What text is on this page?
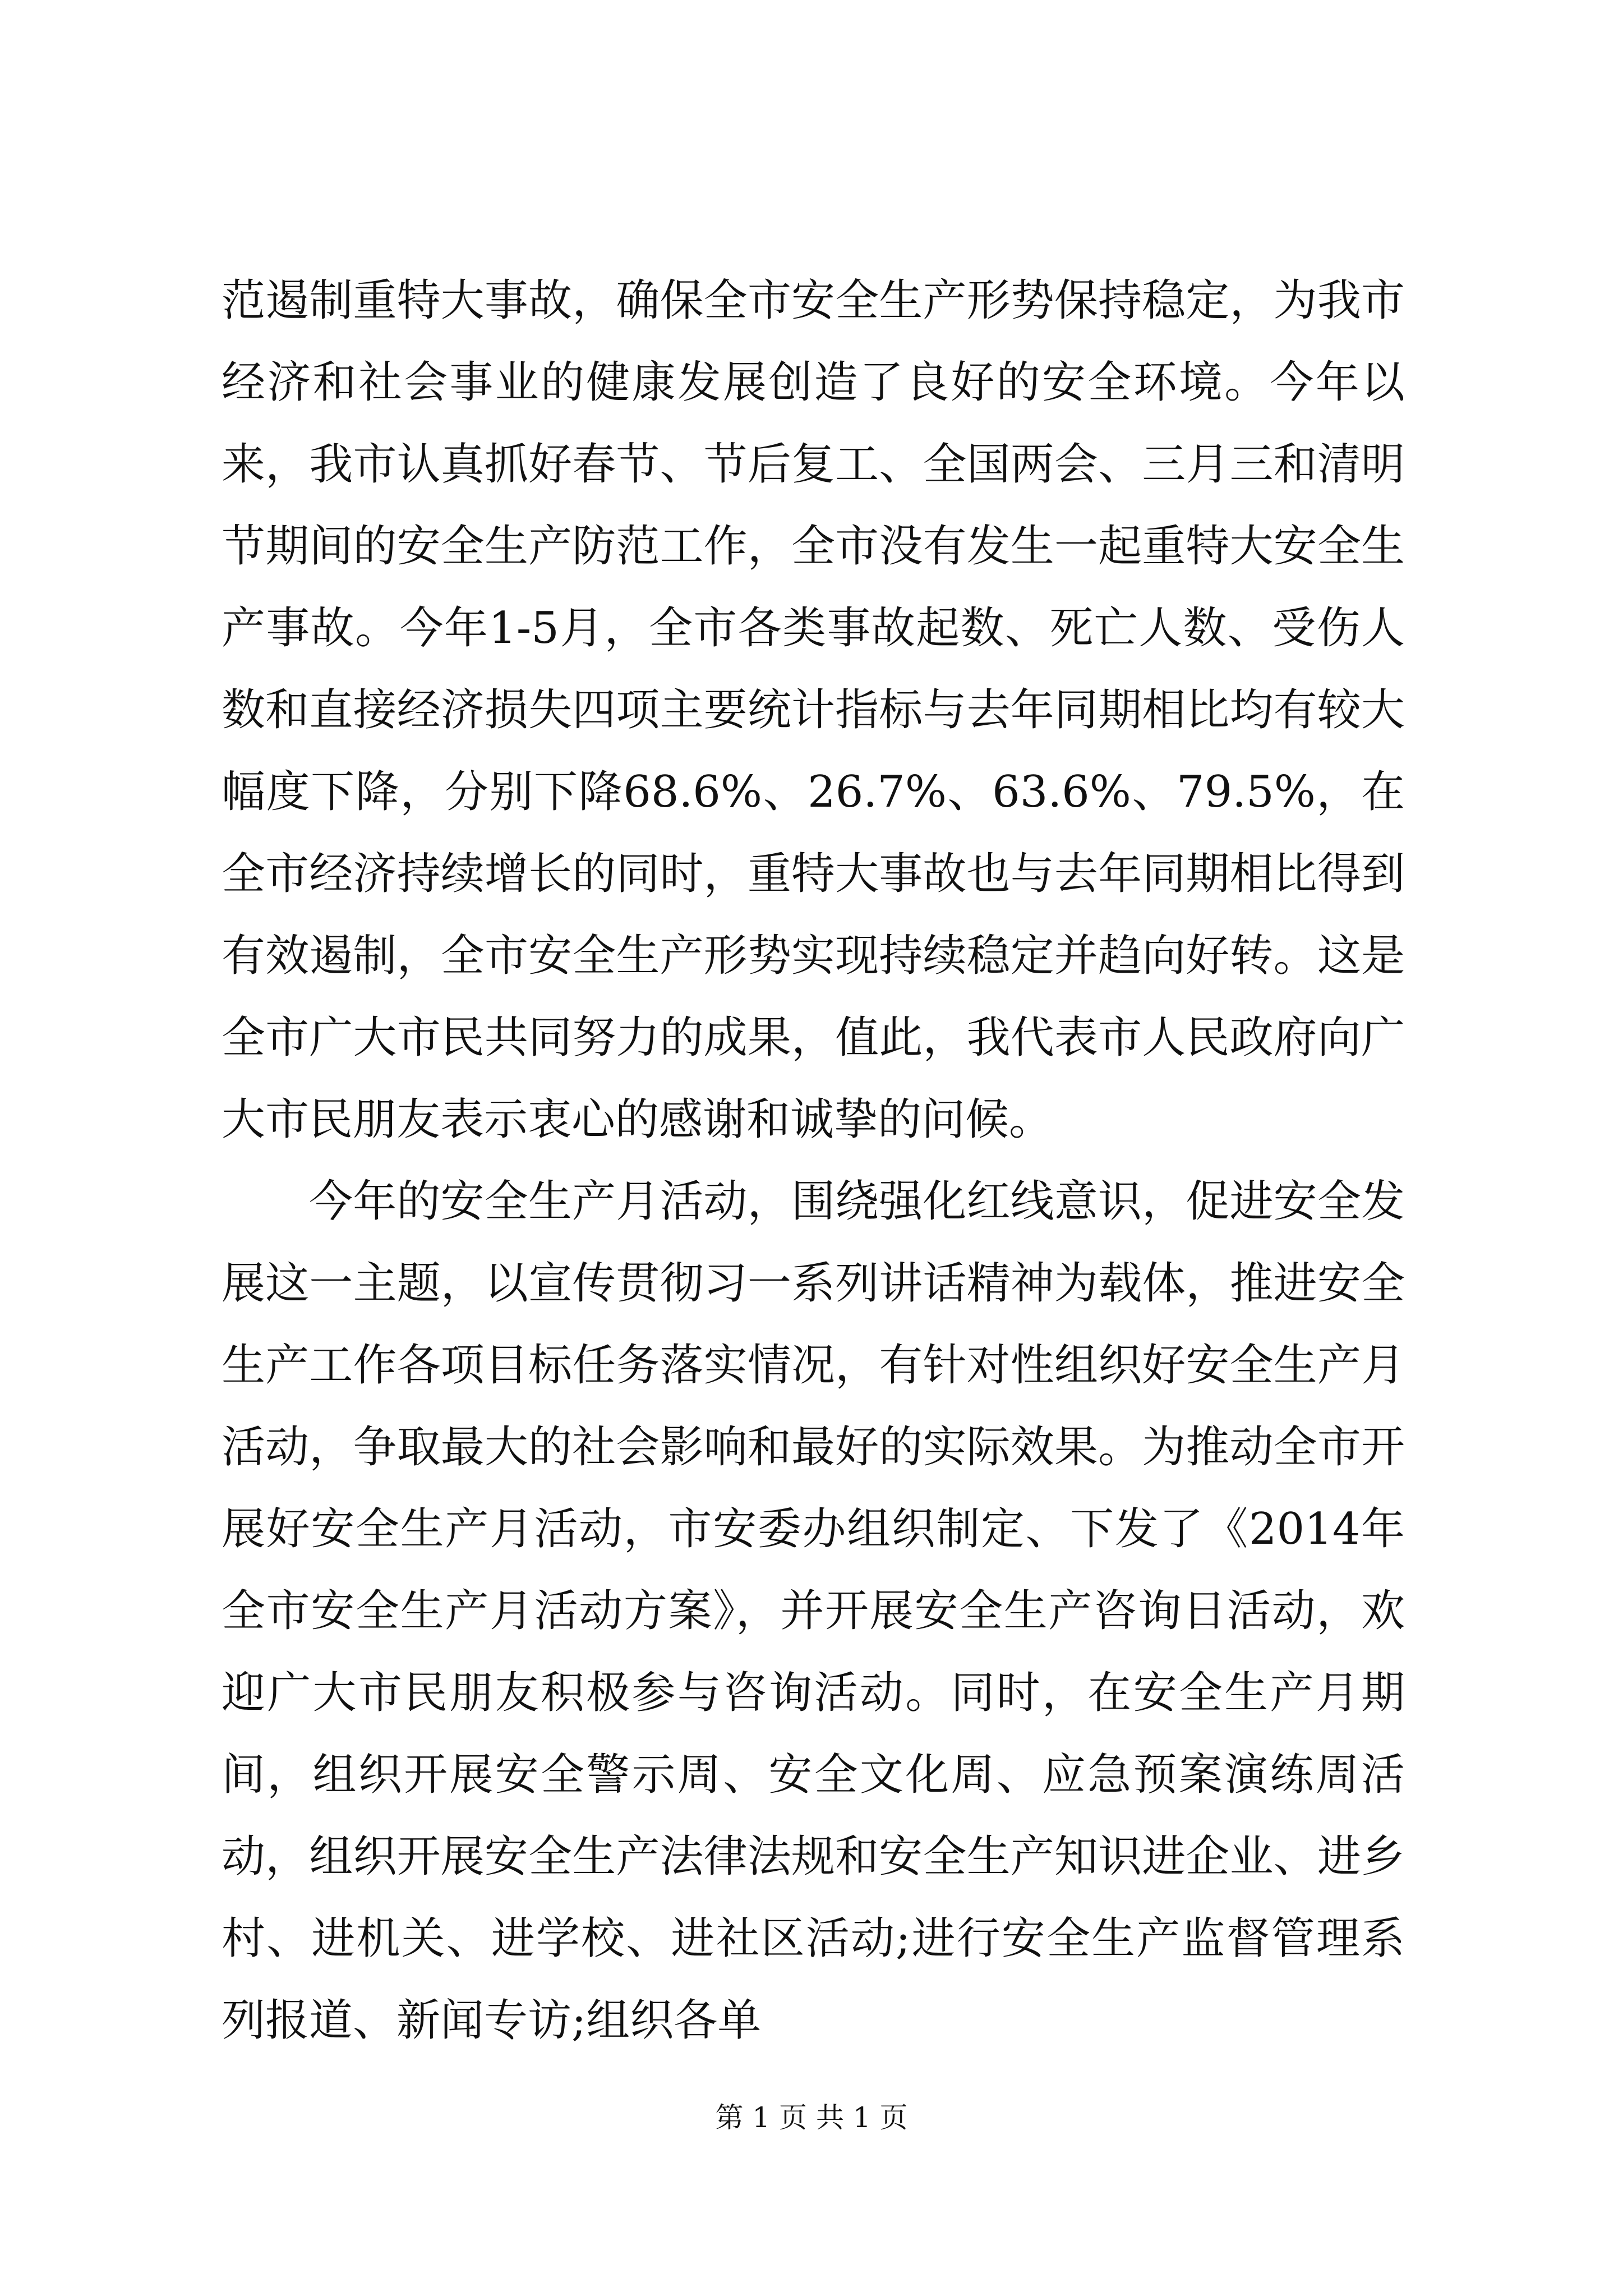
范遏制重特大事故，确保全市安全生产形势保持稳定，为我市经济和社会事业的健康发展创造了良好的安全环境。今年以来，我市认真抓好春节、节后复工、全国两会、三月三和清明节期间的安全生产防范工作，全市没有发生一起重特大安全生产事故。今年1-5月，全市各类事故起数、死亡人数、受伤人数和直接经济损失四项主要统计指标与去年同期相比均有较大幅度下降，分别下降68.6%、26.7%、63.6%、79.5%，在全市经济持续增长的同时，重特大事故也与去年同期相比得到有效遏制，全市安全生产形势实现持续稳定并趋向好转。这是全市广大市民共同努力的成果，值此，我代表市人民政府向广大市民朋友表示衷心的感谢和诚挚的问候。

今年的安全生产月活动，围绕强化红线意识，促进安全发展这一主题，以宣传贯彻习一系列讲话精神为载体，推进安全生产工作各项目标任务落实情况，有针对性组织好安全生产月活动，争取最大的社会影响和最好的实际效果。为推动全市开展好安全生产月活动，市安委办组织制定、下发了《2014年全市安全生产月活动方案》，并开展安全生产咨询日活动，欢迎广大市民朋友积极参与咨询活动。同时，在安全生产月期间，组织开展安全警示周、安全文化周、应急预案演练周活动，组织开展安全生产法律法规和安全生产知识进企业、进乡村、进机关、进学校、进社区活动;进行安全生产监督管理系列报道、新闻专访;组织各单

第 1 页 共 1 页
